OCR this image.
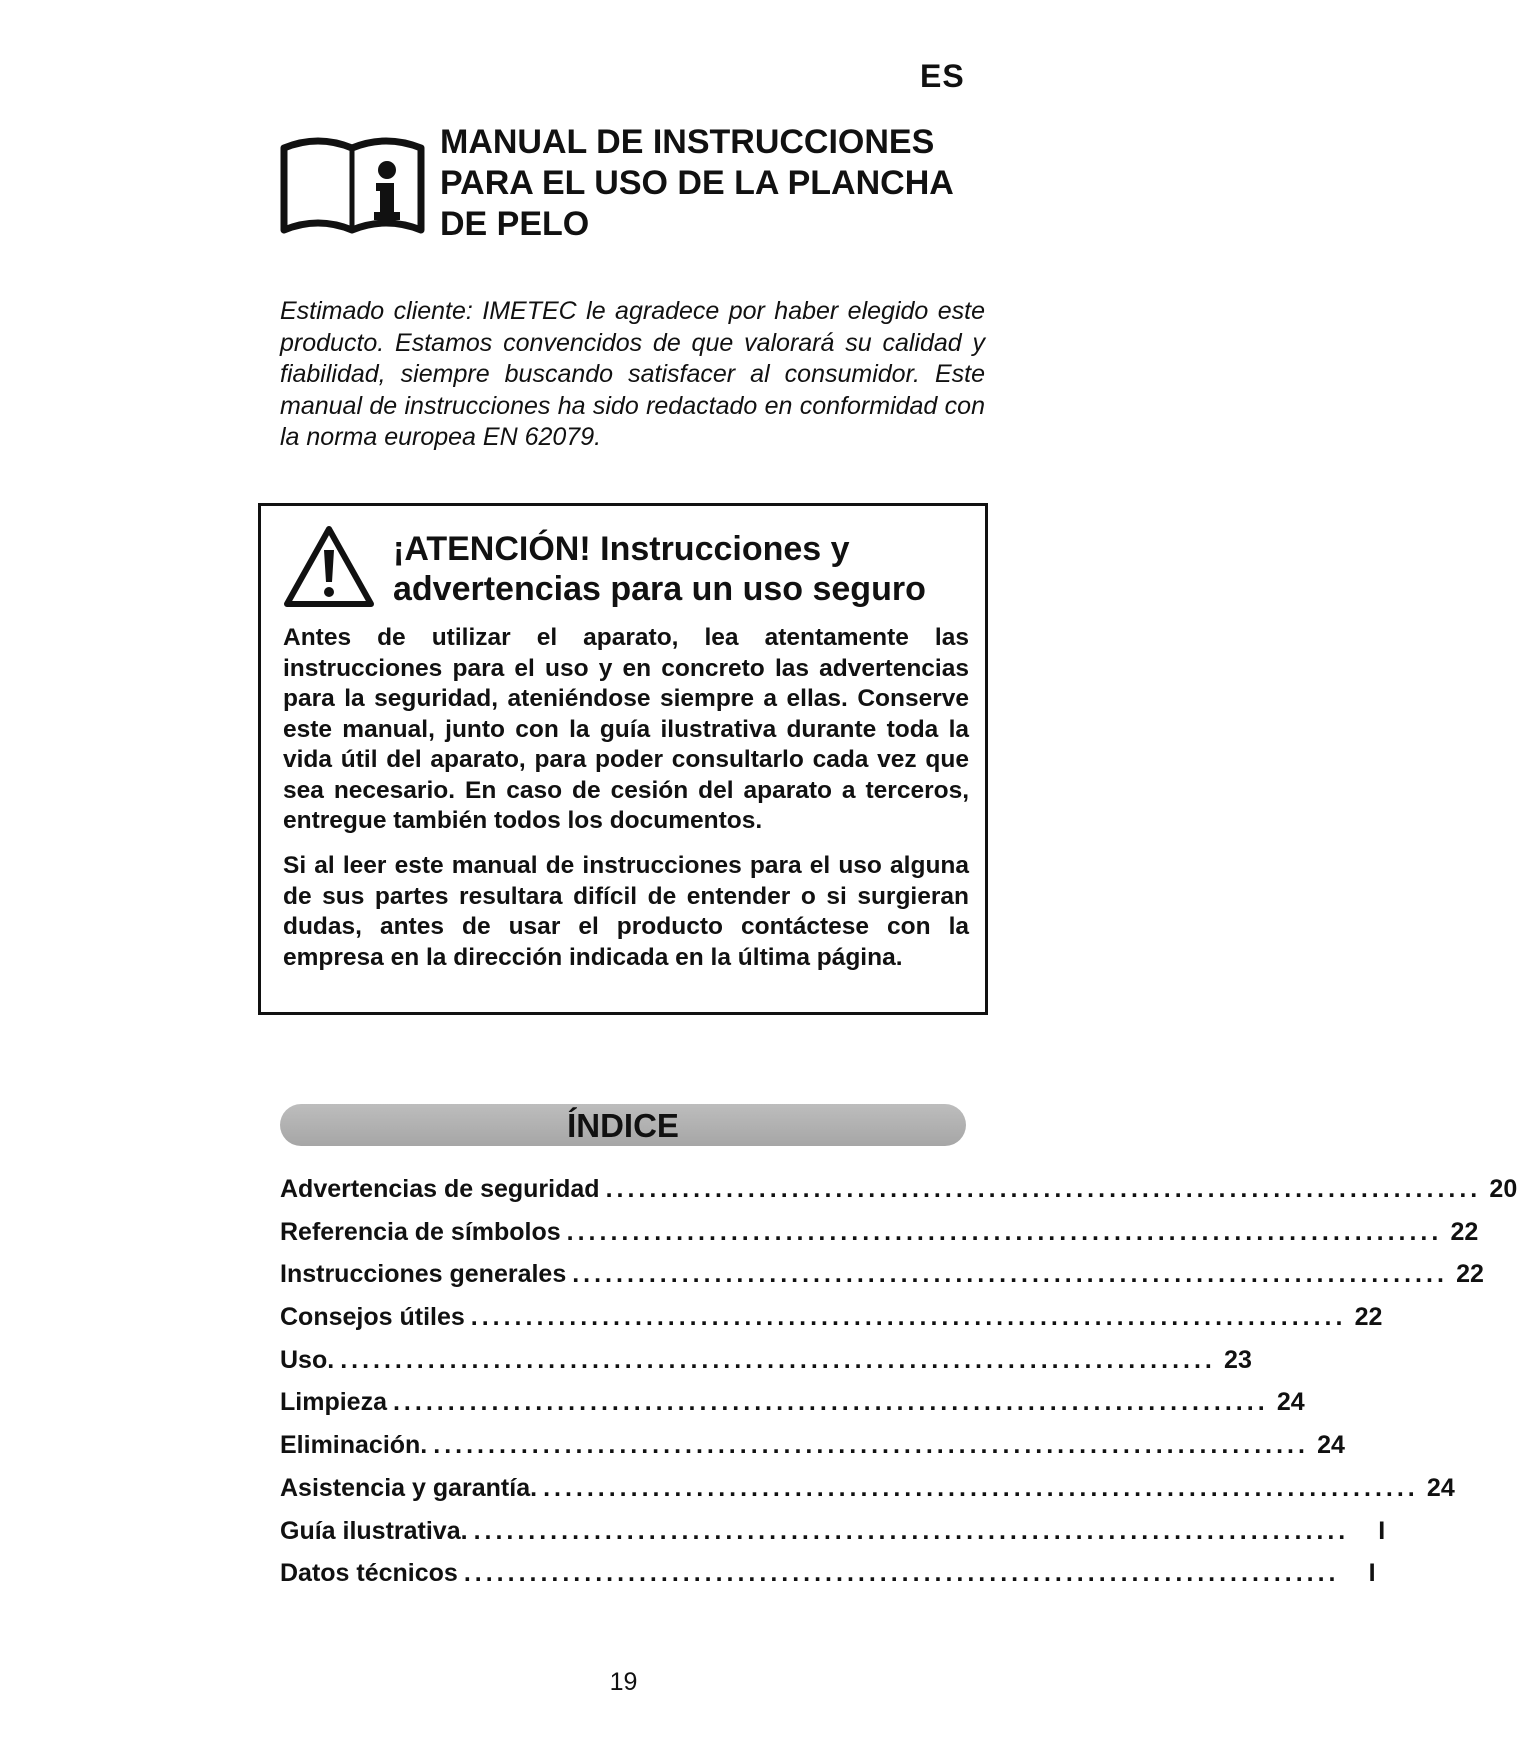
ES
MANUAL DE INSTRUCCIONES PARA EL USO DE LA PLANCHA DE PELO

Estimado cliente: IMETEC le agradece por haber elegido este producto. Estamos convencidos de que valorará su calidad y fiabilidad, siempre buscando satisfacer al consumidor. Este manual de instrucciones ha sido redactado en conformidad con la norma europea EN 62079.

¡ATENCIÓN! Instrucciones y advertencias para un uso seguro

Antes de utilizar el aparato, lea atentamente las instrucciones para el uso y en concreto las advertencias para la seguridad, ateniéndose siempre a ellas. Conserve este manual, junto con la guía ilustrativa durante toda la vida útil del aparato, para poder consultarlo cada vez que sea necesario. En caso de cesión del aparato a terceros, entregue también todos los documentos.

Si al leer este manual de instrucciones para el uso alguna de sus partes resultara difícil de entender o si surgieran dudas, antes de usar el producto contáctese con la empresa en la dirección indicada en la última página.

ÍNDICE
Advertencias de seguridad ................................................................................ 20
Referencia de símbolos ................................................................................ 22
Instrucciones generales ................................................................................ 22
Consejos útiles ................................................................................ 22
Uso. ................................................................................ 23
Limpieza ................................................................................ 24
Eliminación. ................................................................................ 24
Asistencia y garantía. ................................................................................ 24
Guía ilustrativa. ................................................................................	I
Datos técnicos ................................................................................	I
19
